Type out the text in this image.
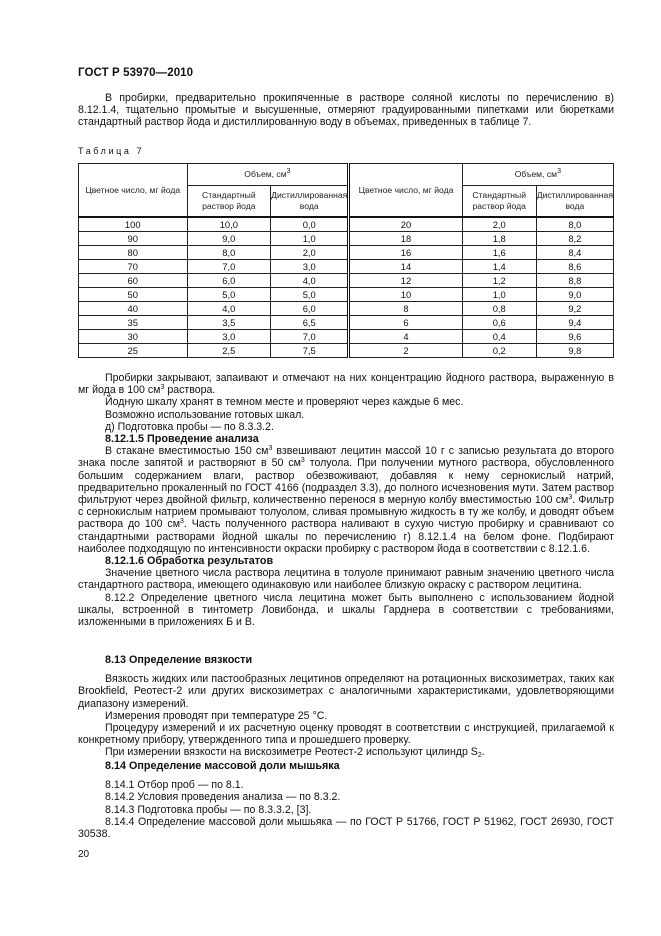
ГОСТ Р 53970—2010

В пробирки, предварительно прокипяченные в растворе соляной кислоты по перечислению в) 8.12.1.4, тщательно промытые и высушенные, отмеряют градуированными пипетками или бюретками стандартный раствор йода и дистиллированную воду в объемах, приведенных в таблице 7.

Таблица 7
Цветное число, мг йода	Объем, $см^3$		Цветное число, мг йода	Объем, $см^3$
	Стандартный раствор йода	Дистиллированная вода		Стандартный раствор йода	Дистиллированная вода
100	10,0	0,0	20	2,0	8,0
90	9,0	1,0	18	1,8	8,2
80	8,0	2,0	16	1,6	8,4
70	7,0	3,0	14	1,4	8,6
60	6,0	4,0	12	1,2	8,8
50	5,0	5,0	10	1,0	9,0
40	4,0	6,0	8	0,8	9,2
35	3,5	6,5	6	0,6	9,4
30	3,0	7,0	4	0,4	9,6
25	2,5	7,5	2	0,2	9,8

Пробирки закрывают, запаивают и отмечают на них концентрацию йодного раствора, выраженную в мг йода в 100 $см^3$ раствора.

Йодную шкалу хранят в темном месте и проверяют через каждые 6 мес.

Возможно использование готовых шкал.

д) Подготовка пробы — по 8.3.3.2.

8.12.1.5 Проведение анализа

В стакане вместимостью 150 $см^3$ взвешивают лецитин массой 10 г с записью результата до второго знака после запятой и растворяют в 50 $см^3$ толуола. При получении мутного раствора, обусловленного большим содержанием влаги, раствор обезвоживают, добавляя к нему сернокислый натрий, предварительно прокаленный по ГОСТ 4166 (подраздел 3.3), до полного исчезновения мути. Затем раствор фильтруют через двойной фильтр, количественно перенося в мерную колбу вместимостью 100 $см^3$. Фильтр с сернокислым натрием промывают толуолом, сливая промывную жидкость в ту же колбу, и доводят объем раствора до 100 $см^3$. Часть полученного раствора наливают в сухую чистую пробирку и сравнивают со стандартными растворами йодной шкалы по перечислению г) 8.12.1.4 на белом фоне. Подбирают наиболее подходящую по интенсивности окраски пробирку с раствором йода в соответствии с 8.12.1.6.

8.12.1.6 Обработка результатов

Значение цветного числа раствора лецитина в толуоле принимают равным значению цветного числа стандартного раствора, имеющего одинаковую или наиболее близкую окраску с раствором лецитина.

8.12.2 Определение цветного числа лецитина может быть выполнено с использованием йодной шкалы, встроенной в тинтометр Ловибонда, и шкалы Гарднера в соответствии с требованиями, изложенными в приложениях Б и В.

8.13 Определение вязкости

Вязкость жидких или пастообразных лецитинов определяют на ротационных вискозиметрах, таких как Brookfield, Реотест-2 или других вискозиметрах с аналогичными характеристиками, удовлетворяющими диапазону измерений.

Измерения проводят при температуре 25 °С.

Процедуру измерений и их расчетную оценку проводят в соответствии с инструкцией, прилагаемой к конкретному прибору, утвержденного типа и прошедшего проверку.

При измерении вязкости на вискозиметре Реотест-2 используют цилиндр $S_2$.

8.14 Определение массовой доли мышьяка

8.14.1 Отбор проб — по 8.1.

8.14.2 Условия проведения анализа — по 8.3.2.

8.14.3 Подготовка пробы — по 8.3.3.2, [3].

8.14.4 Определение массовой доли мышьяка — по ГОСТ Р 51766, ГОСТ Р 51962, ГОСТ 26930, ГОСТ 30538.

20
